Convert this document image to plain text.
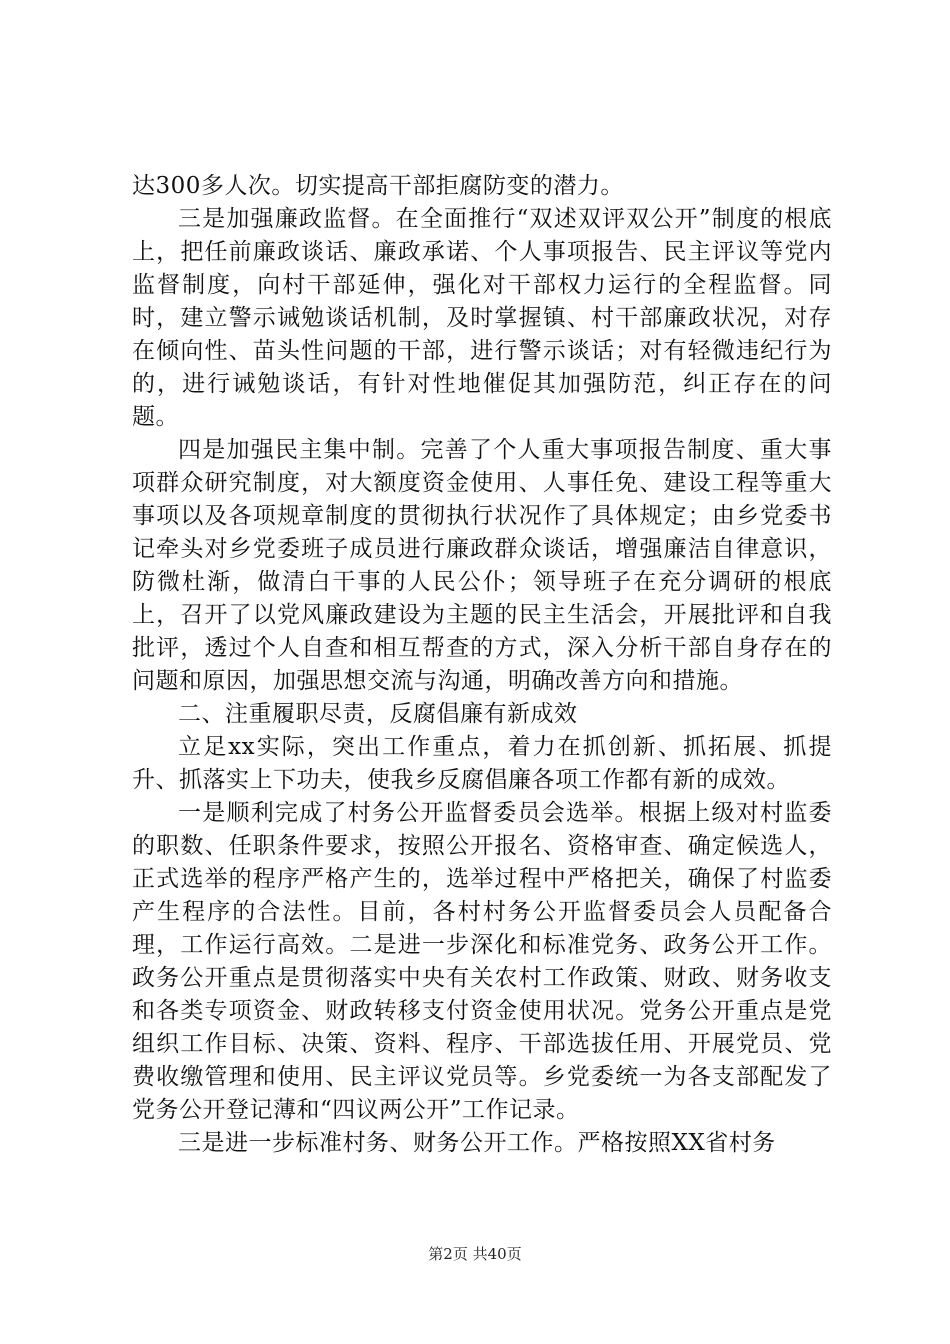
达300多人次。切实提高干部拒腐防变的潜力。

三是加强廉政监督。在全面推行“双述双评双公开”制度的根底上，把任前廉政谈话、廉政承诺、个人事项报告、民主评议等党内监督制度，向村干部延伸，强化对干部权力运行的全程监督。同时，建立警示诫勉谈话机制，及时掌握镇、村干部廉政状况，对存在倾向性、苗头性问题的干部，进行警示谈话；对有轻微违纪行为的，进行诫勉谈话，有针对性地催促其加强防范，纠正存在的问题。

四是加强民主集中制。完善了个人重大事项报告制度、重大事项群众研究制度，对大额度资金使用、人事任免、建设工程等重大事项以及各项规章制度的贯彻执行状况作了具体规定；由乡党委书记牵头对乡党委班子成员进行廉政群众谈话，增强廉洁自律意识，防微杜渐，做清白干事的人民公仆；领导班子在充分调研的根底上，召开了以党风廉政建设为主题的民主生活会，开展批评和自我批评，透过个人自查和相互帮查的方式，深入分析干部自身存在的问题和原因，加强思想交流与沟通，明确改善方向和措施。

二、注重履职尽责，反腐倡廉有新成效

立足xx实际，突出工作重点，着力在抓创新、抓拓展、抓提升、抓落实上下功夫，使我乡反腐倡廉各项工作都有新的成效。

一是顺利完成了村务公开监督委员会选举。根据上级对村监委的职数、任职条件要求，按照公开报名、资格审查、确定候选人，正式选举的程序严格产生的，选举过程中严格把关，确保了村监委产生程序的合法性。目前，各村村务公开监督委员会人员配备合理，工作运行高效。二是进一步深化和标准党务、政务公开工作。政务公开重点是贯彻落实中央有关农村工作政策、财政、财务收支和各类专项资金、财政转移支付资金使用状况。党务公开重点是党组织工作目标、决策、资料、程序、干部选拔任用、开展党员、党费收缴管理和使用、民主评议党员等。乡党委统一为各支部配发了党务公开登记薄和“四议两公开”工作记录。

三是进一步标准村务、财务公开工作。严格按照XX省村务

第2页 共40页
